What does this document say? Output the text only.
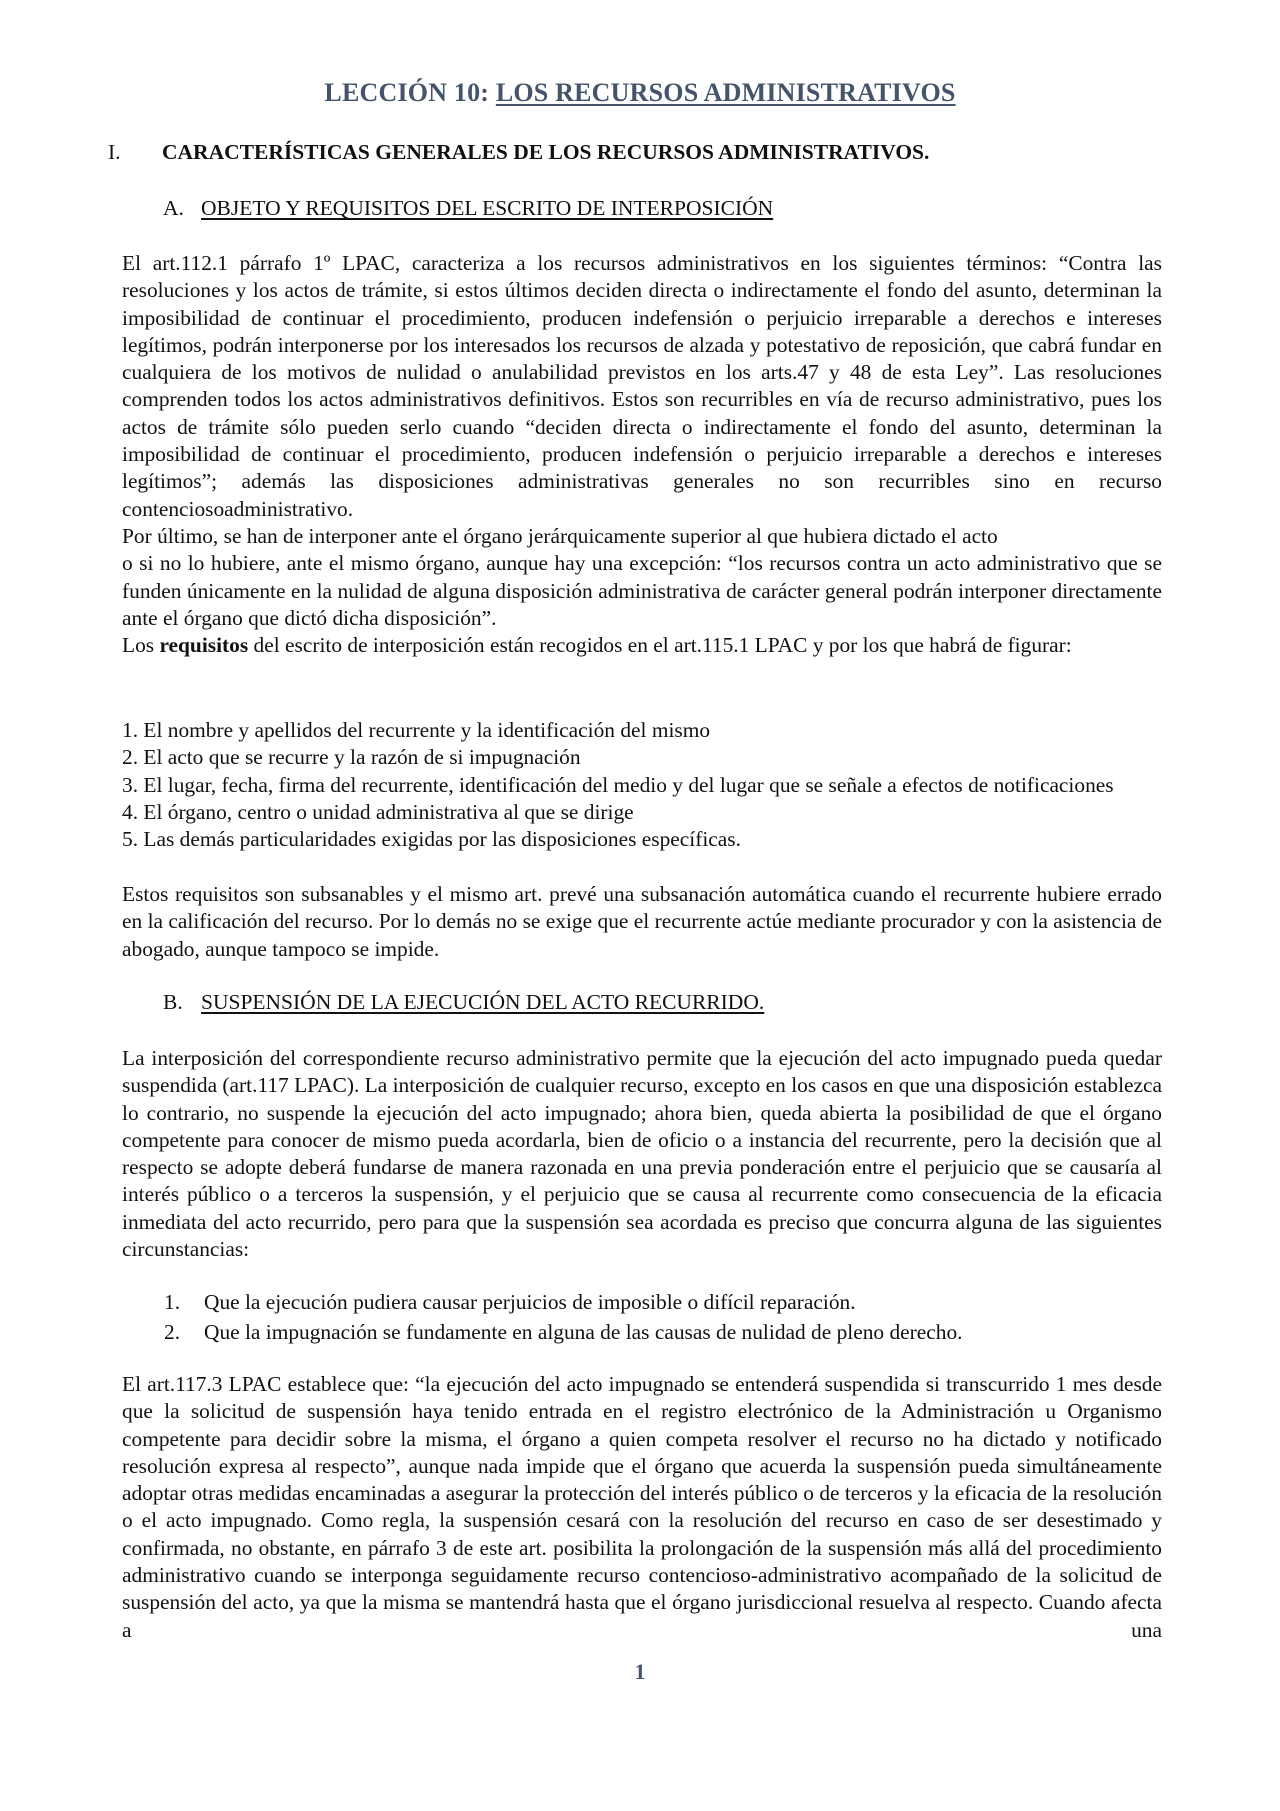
LECCIÓN 10: LOS RECURSOS ADMINISTRATIVOS
I. CARACTERÍSTICAS GENERALES DE LOS RECURSOS ADMINISTRATIVOS.
A. OBJETO Y REQUISITOS DEL ESCRITO DE INTERPOSICIÓN

El art.112.1 párrafo 1º LPAC, caracteriza a los recursos administrativos en los siguientes términos: “Contra las resoluciones y los actos de trámite, si estos últimos deciden directa o indirectamente el fondo del asunto, determinan la imposibilidad de continuar el procedimiento, producen indefensión o perjuicio irreparable a derechos e intereses legítimos, podrán interponerse por los interesados los recursos de alzada y potestativo de reposición, que cabrá fundar en cualquiera de los motivos de nulidad o anulabilidad previstos en los arts.47 y 48 de esta Ley”. Las resoluciones comprenden todos los actos administrativos definitivos. Estos son recurribles en vía de recurso administrativo, pues los actos de trámite sólo pueden serlo cuando “deciden directa o indirectamente el fondo del asunto, determinan la imposibilidad de continuar el procedimiento, producen indefensión o perjuicio irreparable a derechos e intereses legítimos”; además las disposiciones administrativas generales no son recurribles sino en recurso contenciosoadministrativo.

Por último, se han de interponer ante el órgano jerárquicamente superior al que hubiera dictado el acto

o si no lo hubiere, ante el mismo órgano, aunque hay una excepción: “los recursos contra un acto administrativo que se funden únicamente en la nulidad de alguna disposición administrativa de carácter general podrán interponer directamente ante el órgano que dictó dicha disposición”.

Los requisitos del escrito de interposición están recogidos en el art.115.1 LPAC y por los que habrá de figurar:

1. El nombre y apellidos del recurrente y la identificación del mismo

2. El acto que se recurre y la razón de si impugnación

3. El lugar, fecha, firma del recurrente, identificación del medio y del lugar que se señale a efectos de notificaciones

4. El órgano, centro o unidad administrativa al que se dirige

5. Las demás particularidades exigidas por las disposiciones específicas.

Estos requisitos son subsanables y el mismo art. prevé una subsanación automática cuando el recurrente hubiere errado en la calificación del recurso. Por lo demás no se exige que el recurrente actúe mediante procurador y con la asistencia de abogado, aunque tampoco se impide.

B. SUSPENSIÓN DE LA EJECUCIÓN DEL ACTO RECURRIDO.

La interposición del correspondiente recurso administrativo permite que la ejecución del acto impugnado pueda quedar suspendida (art.117 LPAC). La interposición de cualquier recurso, excepto en los casos en que una disposición establezca lo contrario, no suspende la ejecución del acto impugnado; ahora bien, queda abierta la posibilidad de que el órgano competente para conocer de mismo pueda acordarla, bien de oficio o a instancia del recurrente, pero la decisión que al respecto se adopte deberá fundarse de manera razonada en una previa ponderación entre el perjuicio que se causaría al interés público o a terceros la suspensión, y el perjuicio que se causa al recurrente como consecuencia de la eficacia inmediata del acto recurrido, pero para que la suspensión sea acordada es preciso que concurra alguna de las siguientes circunstancias:

1. Que la ejecución pudiera causar perjuicios de imposible o difícil reparación.

2. Que la impugnación se fundamente en alguna de las causas de nulidad de pleno derecho.

El art.117.3 LPAC establece que: “la ejecución del acto impugnado se entenderá suspendida si transcurrido 1 mes desde que la solicitud de suspensión haya tenido entrada en el registro electrónico de la Administración u Organismo competente para decidir sobre la misma, el órgano a quien competa resolver el recurso no ha dictado y notificado resolución expresa al respecto”, aunque nada impide que el órgano que acuerda la suspensión pueda simultáneamente adoptar otras medidas encaminadas a asegurar la protección del interés público o de terceros y la eficacia de la resolución o el acto impugnado. Como regla, la suspensión cesará con la resolución del recurso en caso de ser desestimado y confirmada, no obstante, en párrafo 3 de este art. posibilita la prolongación de la suspensión más allá del procedimiento administrativo cuando se interponga seguidamente recurso contencioso-administrativo acompañado de la solicitud de suspensión del acto, ya que la misma se mantendrá hasta que el órgano jurisdiccional resuelva al respecto. Cuando afecta a una

1
